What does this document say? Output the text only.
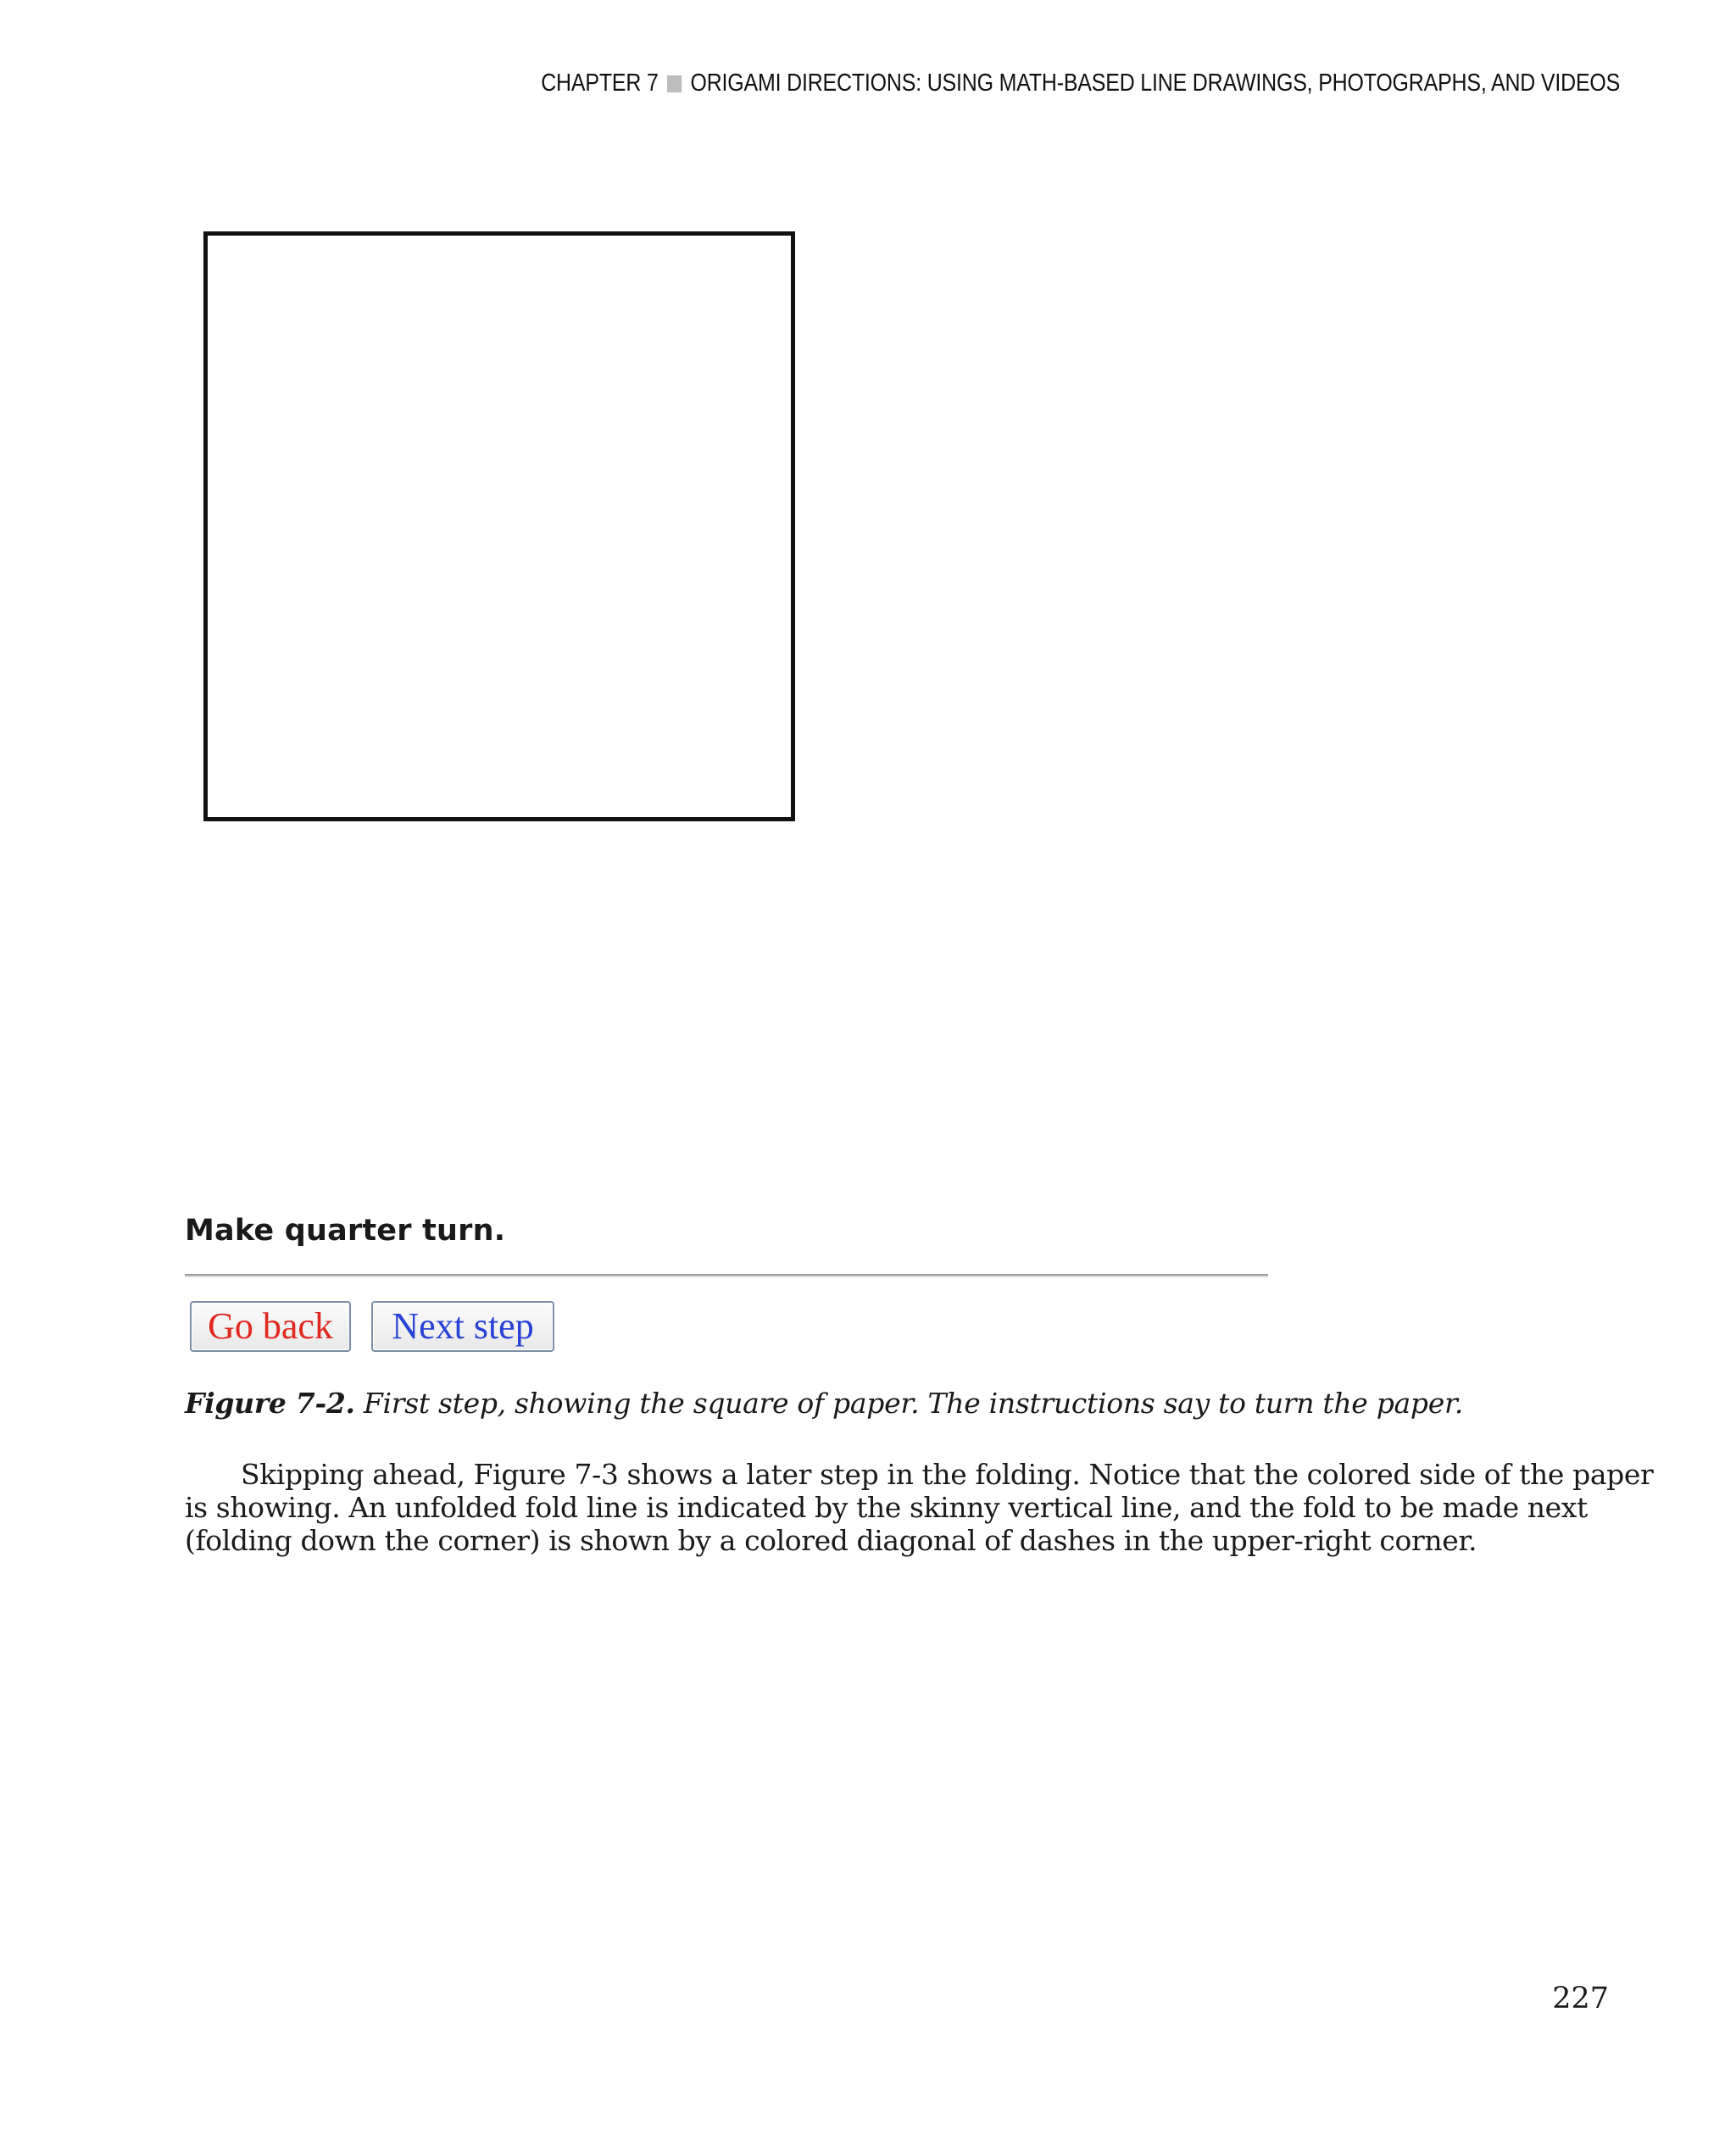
CHAPTER 7 ORIGAMI DIRECTIONS: USING MATH-BASED LINE DRAWINGS, PHOTOGRAPHS, AND VIDEOS
Make quarter turn.
Go back	Next step
Figure 7-2. First step, showing the square of paper. The instructions say to turn the paper.
Skipping ahead, Figure 7-3 shows a later step in the folding. Notice that the colored side of the paper
is showing. An unfolded fold line is indicated by the skinny vertical line, and the fold to be made next
(folding down the corner) is shown by a colored diagonal of dashes in the upper-right corner.
227
